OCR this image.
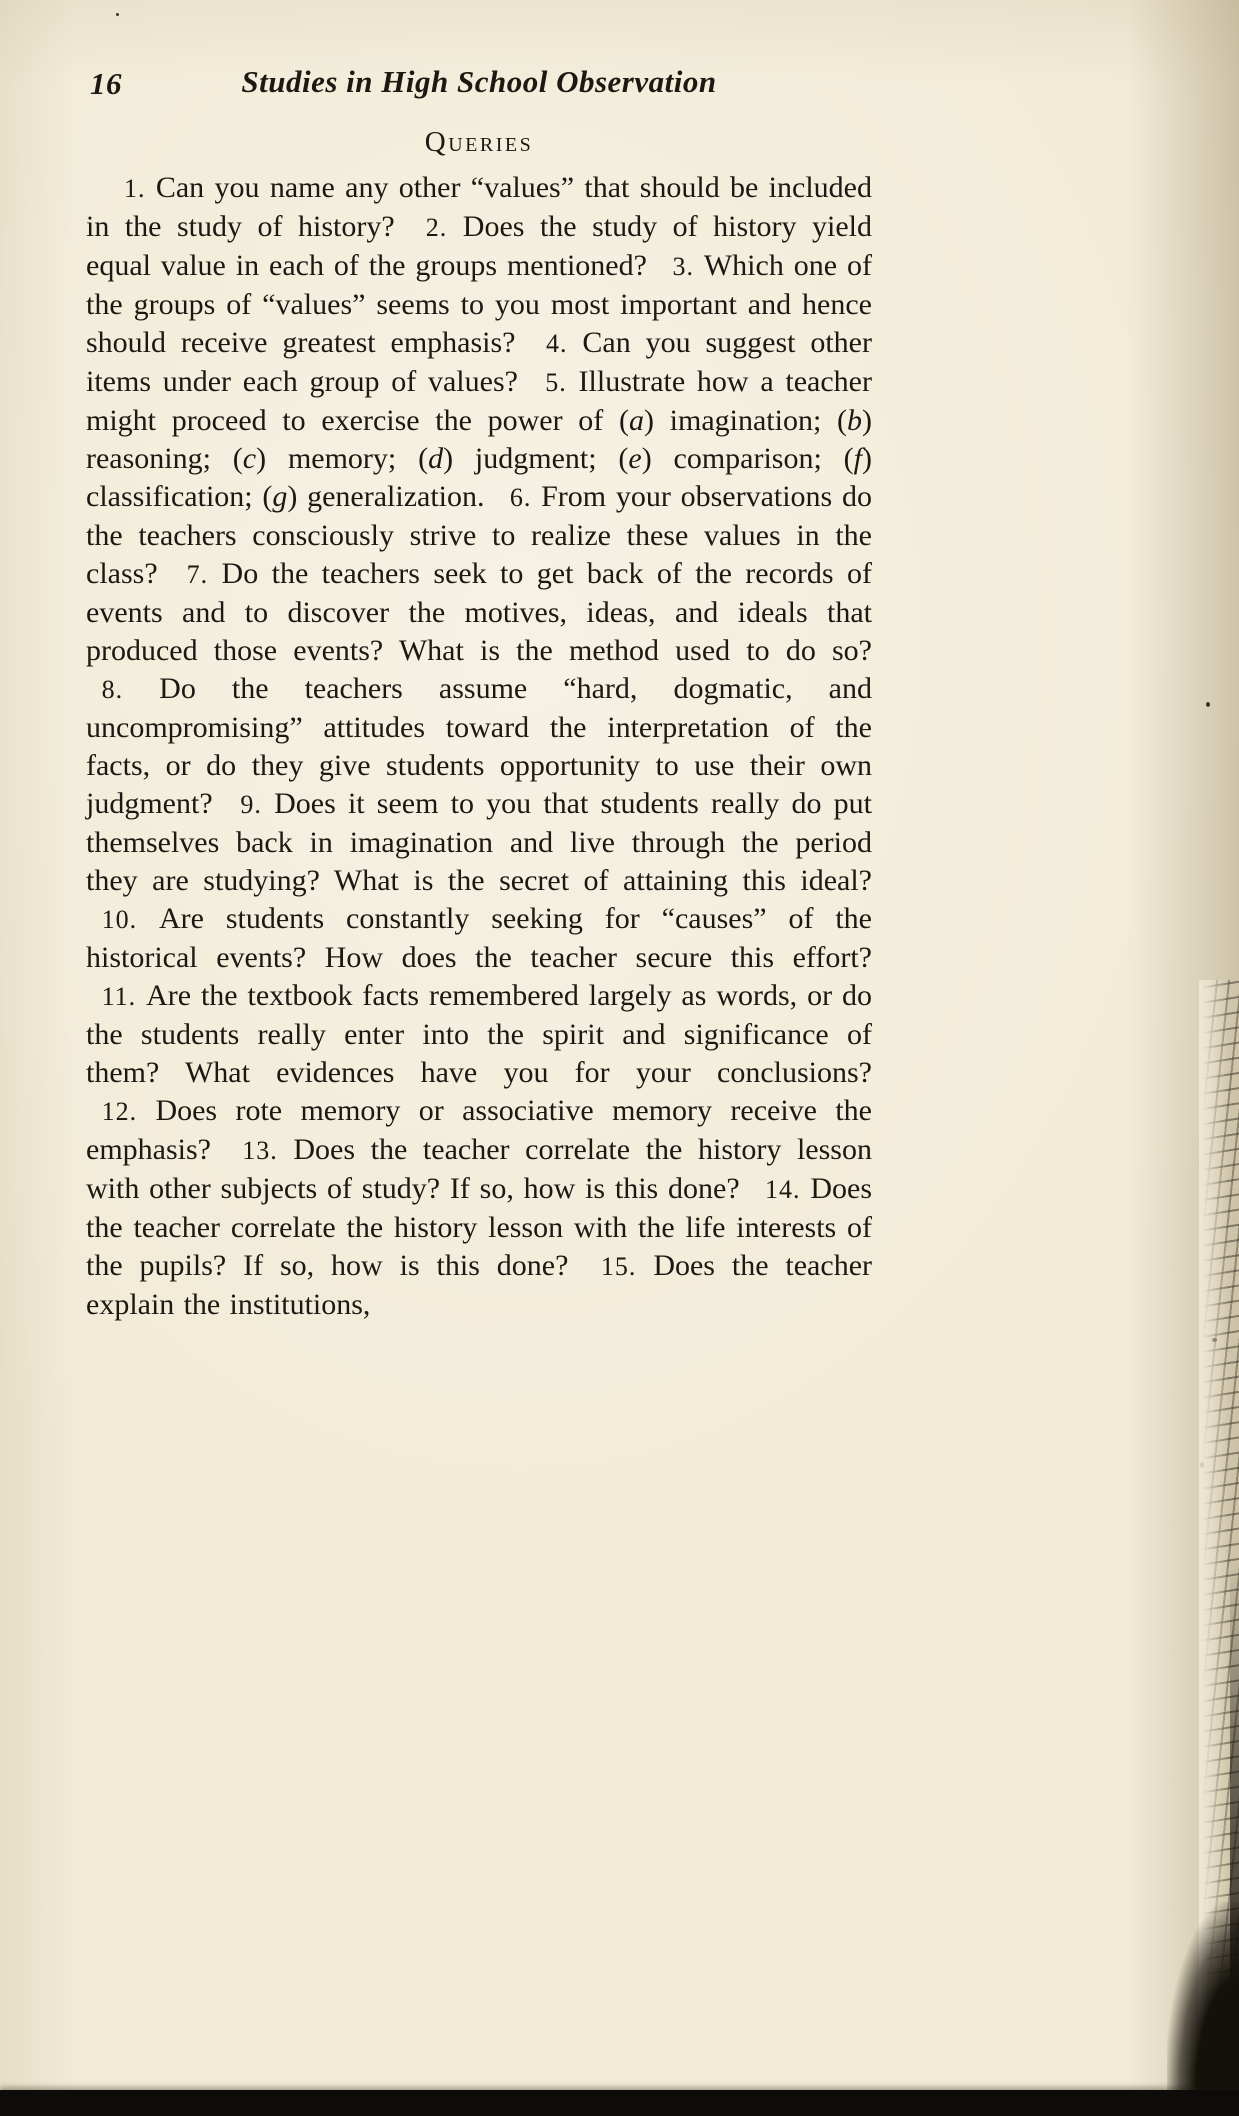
16	Studies in High School Observation
Queries

1. Can you name any other “values” that should be included in the study of history? 2. Does the study of history yield equal value in each of the groups mentioned? 3. Which one of the groups of “values” seems to you most important and hence should receive greatest emphasis? 4. Can you suggest other items under each group of values? 5. Illustrate how a teacher might proceed to exercise the power of (a) imagination; (b) reasoning; (c) memory; (d) judgment; (e) comparison; (f) classification; (g) generalization. 6. From your observations do the teachers consciously strive to realize these values in the class? 7. Do the teachers seek to get back of the records of events and to discover the motives, ideas, and ideals that produced those events? What is the method used to do so? 8. Do the teachers assume “hard, dogmatic, and uncompromising” attitudes toward the interpretation of the facts, or do they give students opportunity to use their own judgment? 9. Does it seem to you that students really do put themselves back in imagination and live through the period they are studying? What is the secret of attaining this ideal? 10. Are students constantly seeking for “causes” of the historical events? How does the teacher secure this effort? 11. Are the textbook facts remembered largely as words, or do the students really enter into the spirit and significance of them? What evidences have you for your conclusions? 12. Does rote memory or associative memory receive the emphasis? 13. Does the teacher correlate the history lesson with other subjects of study? If so, how is this done? 14. Does the teacher correlate the history lesson with the life interests of the pupils? If so, how is this done? 15. Does the teacher explain the institutions,
